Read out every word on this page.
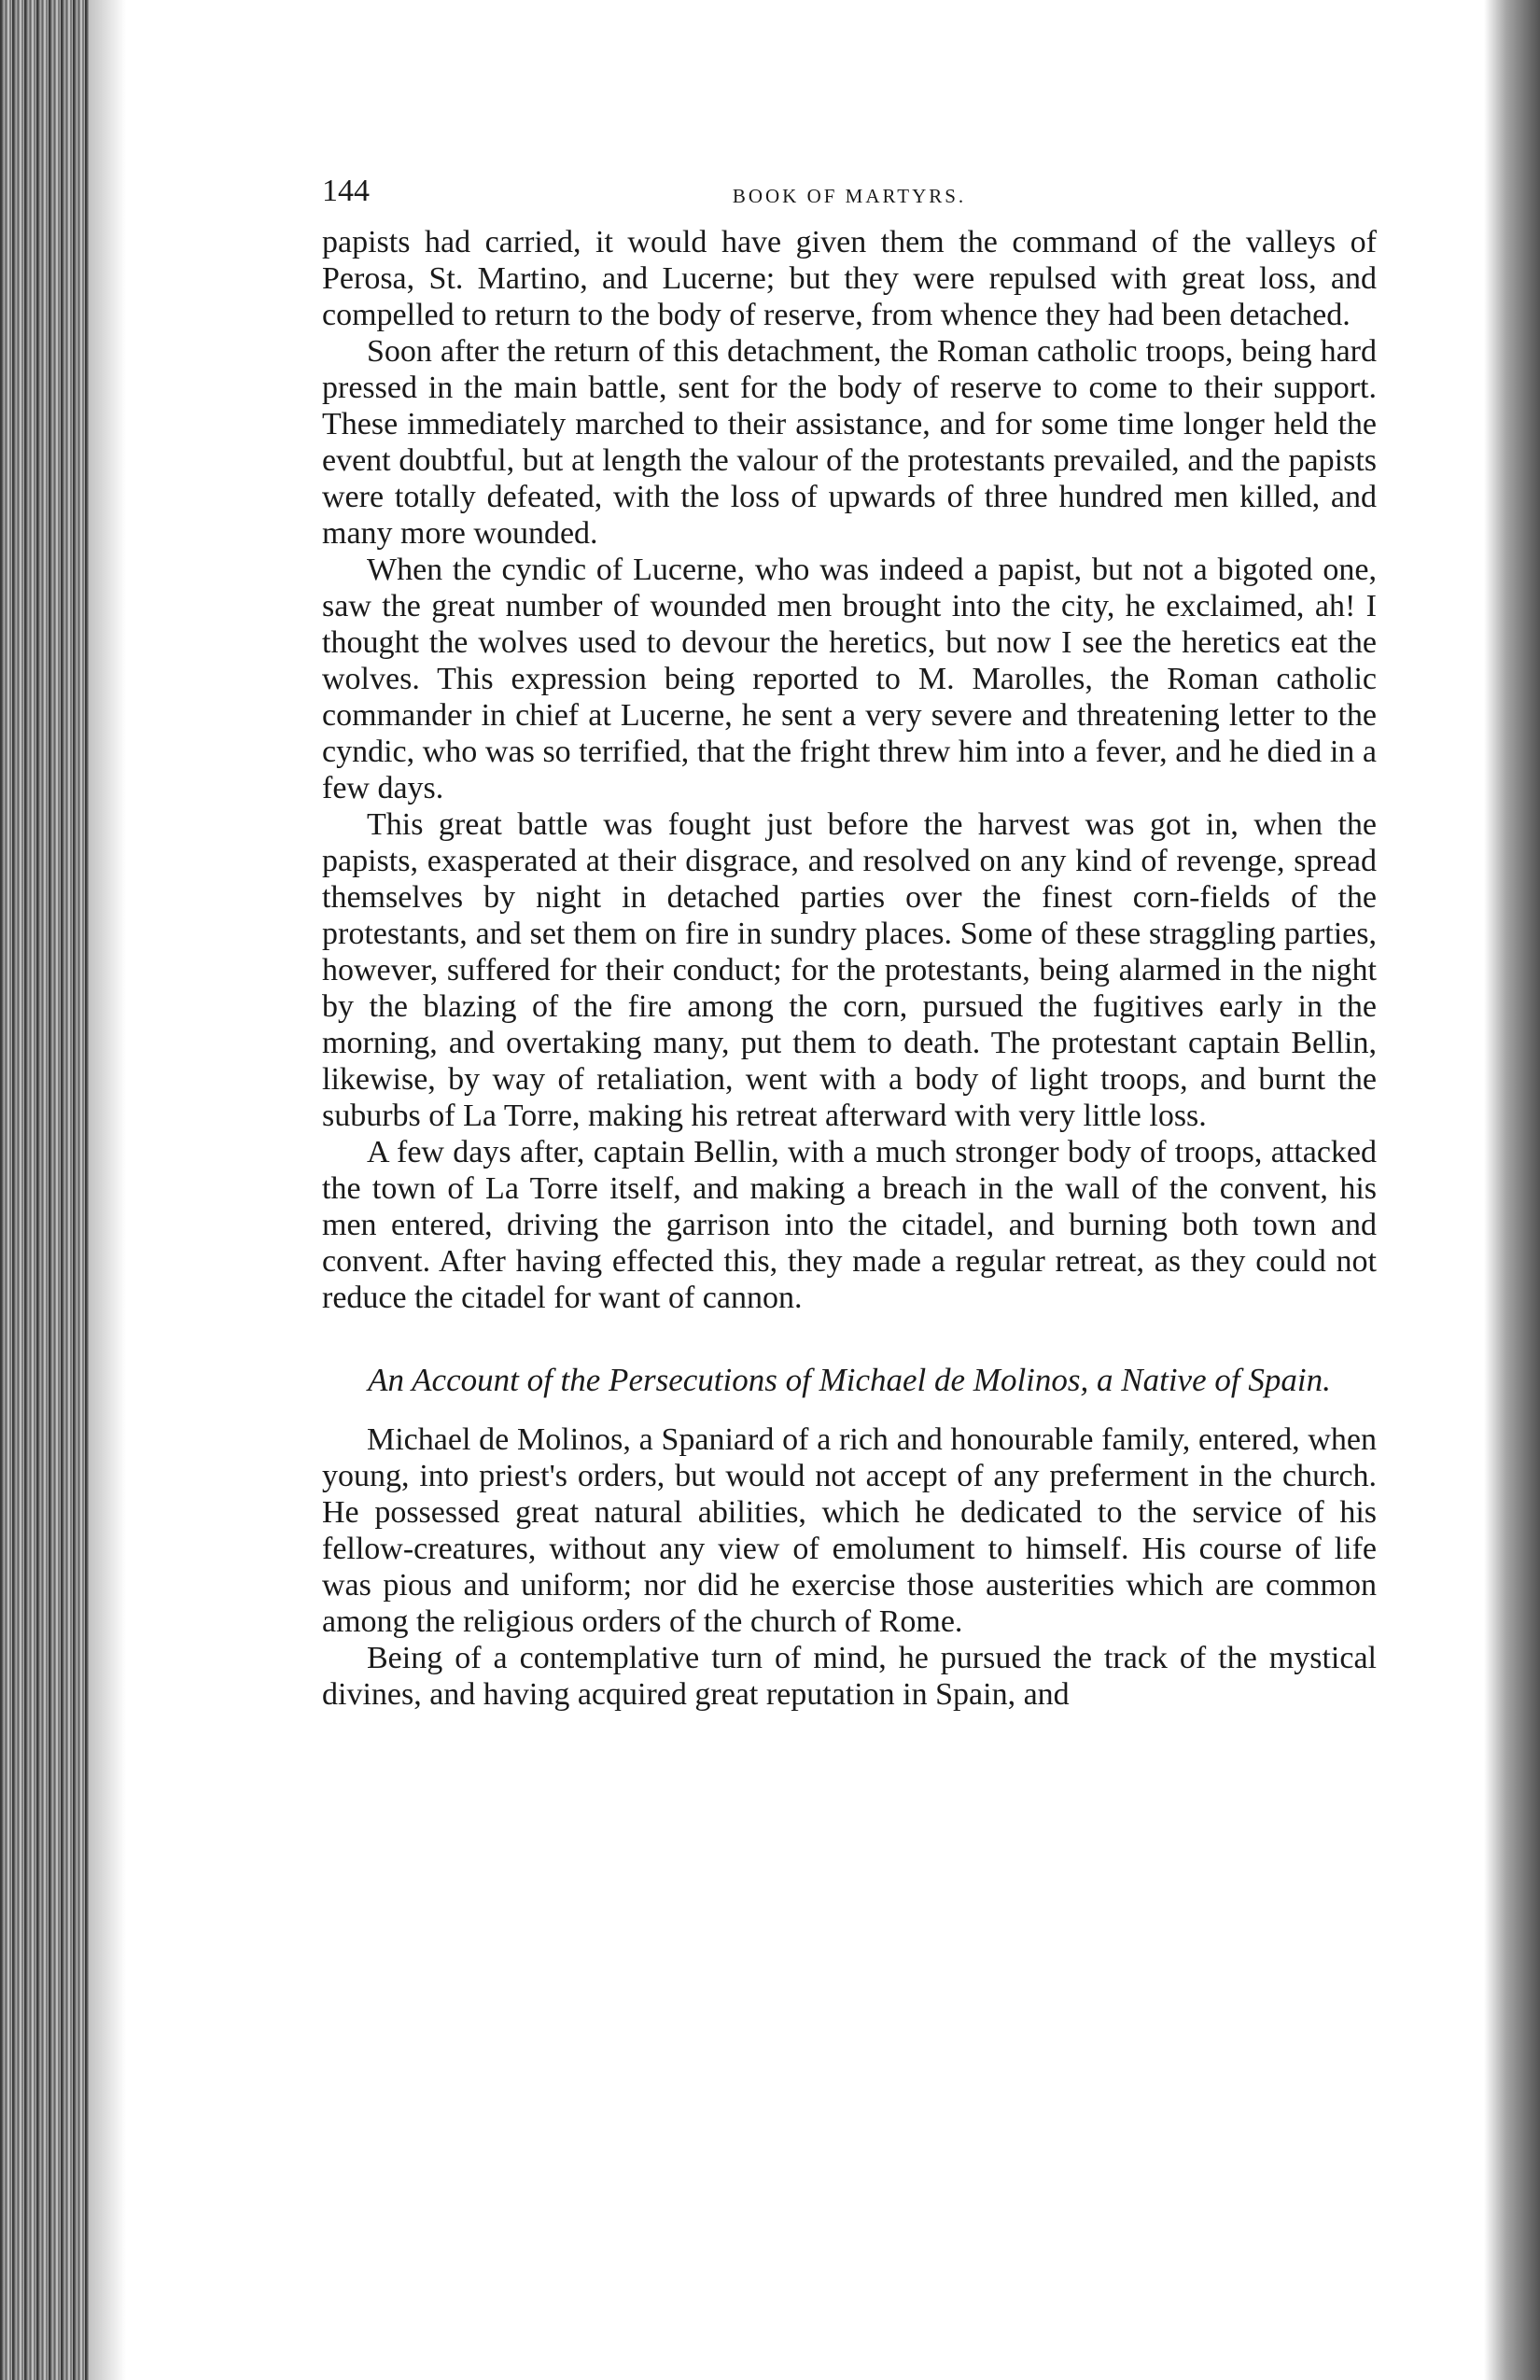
144	BOOK OF MARTYRS.

papists had carried, it would have given them the command of the valleys of Perosa, St. Martino, and Lucerne; but they were repulsed with great loss, and compelled to return to the body of reserve, from whence they had been detached.

Soon after the return of this detachment, the Roman catholic troops, being hard pressed in the main battle, sent for the body of reserve to come to their support. These immediately marched to their assistance, and for some time longer held the event doubtful, but at length the valour of the protestants prevailed, and the papists were totally defeated, with the loss of upwards of three hundred men killed, and many more wounded.

When the cyndic of Lucerne, who was indeed a papist, but not a bigoted one, saw the great number of wounded men brought into the city, he exclaimed, ah! I thought the wolves used to devour the heretics, but now I see the heretics eat the wolves. This expression being reported to M. Marolles, the Roman catholic commander in chief at Lucerne, he sent a very severe and threatening letter to the cyndic, who was so terrified, that the fright threw him into a fever, and he died in a few days.

This great battle was fought just before the harvest was got in, when the papists, exasperated at their disgrace, and resolved on any kind of revenge, spread themselves by night in detached parties over the finest corn-fields of the protestants, and set them on fire in sundry places. Some of these straggling parties, however, suffered for their conduct; for the protestants, being alarmed in the night by the blazing of the fire among the corn, pursued the fugitives early in the morning, and overtaking many, put them to death. The protestant captain Bellin, likewise, by way of retaliation, went with a body of light troops, and burnt the suburbs of La Torre, making his retreat afterward with very little loss.

A few days after, captain Bellin, with a much stronger body of troops, attacked the town of La Torre itself, and making a breach in the wall of the convent, his men entered, driving the garrison into the citadel, and burning both town and convent. After having effected this, they made a regular retreat, as they could not reduce the citadel for want of cannon.

An Account of the Persecutions of Michael de Molinos, a Native of Spain.

Michael de Molinos, a Spaniard of a rich and honourable family, entered, when young, into priest's orders, but would not accept of any preferment in the church. He possessed great natural abilities, which he dedicated to the service of his fellow-creatures, without any view of emolument to himself. His course of life was pious and uniform; nor did he exercise those austerities which are common among the religious orders of the church of Rome.

Being of a contemplative turn of mind, he pursued the track of the mystical divines, and having acquired great reputation in Spain, and
